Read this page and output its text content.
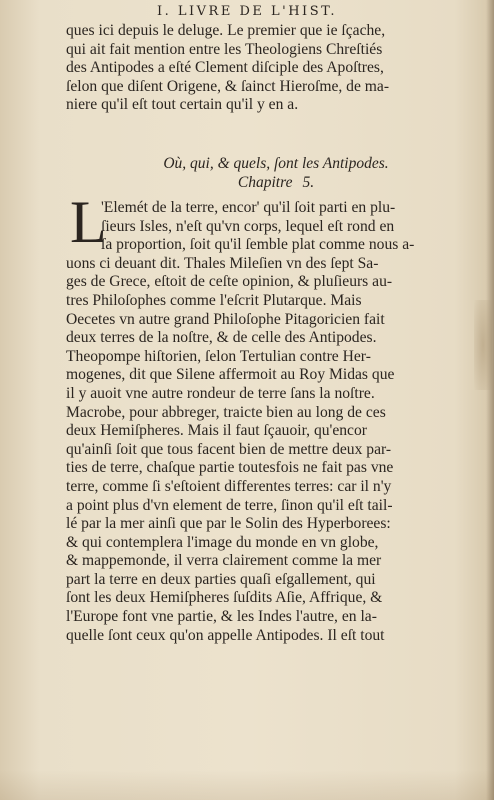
I. LIVRE DE L'HIST.
ques ici depuis le deluge. Le premier que ie ſçache,
qui ait fait mention entre les Theologiens Chreſtiés
des Antipodes a eſté Clement diſciple des Apoſtres,
ſelon que diſent Origene, & ſainct Hieroſme, de ma-
niere qu'il eſt tout certain qu'il y en a.
Où, qui, & quels, ſont les Antipodes.
Chapitre 5.
L
'Elemét de la terre, encor' qu'il ſoit parti en plu-
ſieurs Isles, n'eſt qu'vn corps, lequel eſt rond en
ſa proportion, ſoit qu'il ſemble plat comme nous a-
uons ci deuant dit. Thales Mileſien vn des ſept Sa-
ges de Grece, eſtoit de ceſte opinion, & pluſieurs au-
tres Philoſophes comme l'eſcrit Plutarque. Mais
Oecetes vn autre grand Philoſophe Pitagoricien fait
deux terres de la noſtre, & de celle des Antipodes.
Theopompe hiſtorien, ſelon Tertulian contre Her-
mogenes, dit que Silene affermoit au Roy Midas que
il y auoit vne autre rondeur de terre ſans la noſtre.
Macrobe, pour abbreger, traicte bien au long de ces
deux Hemiſpheres. Mais il faut ſçauoir, qu'encor
qu'ainſi ſoit que tous facent bien de mettre deux par-
ties de terre, chaſque partie toutesfois ne fait pas vne
terre, comme ſi s'eſtoient differentes terres: car il n'y
a point plus d'vn element de terre, ſinon qu'il eſt tail-
lé par la mer ainſi que par le Solin des Hyperborees:
& qui contemplera l'image du monde en vn globe,
& mappemonde, il verra clairement comme la mer
part la terre en deux parties quaſi eſgallement, qui
ſont les deux Hemiſpheres ſuſdits Aſie, Affrique, &
l'Europe font vne partie, & les Indes l'autre, en la-
quelle ſont ceux qu'on appelle Antipodes. Il eſt tout
